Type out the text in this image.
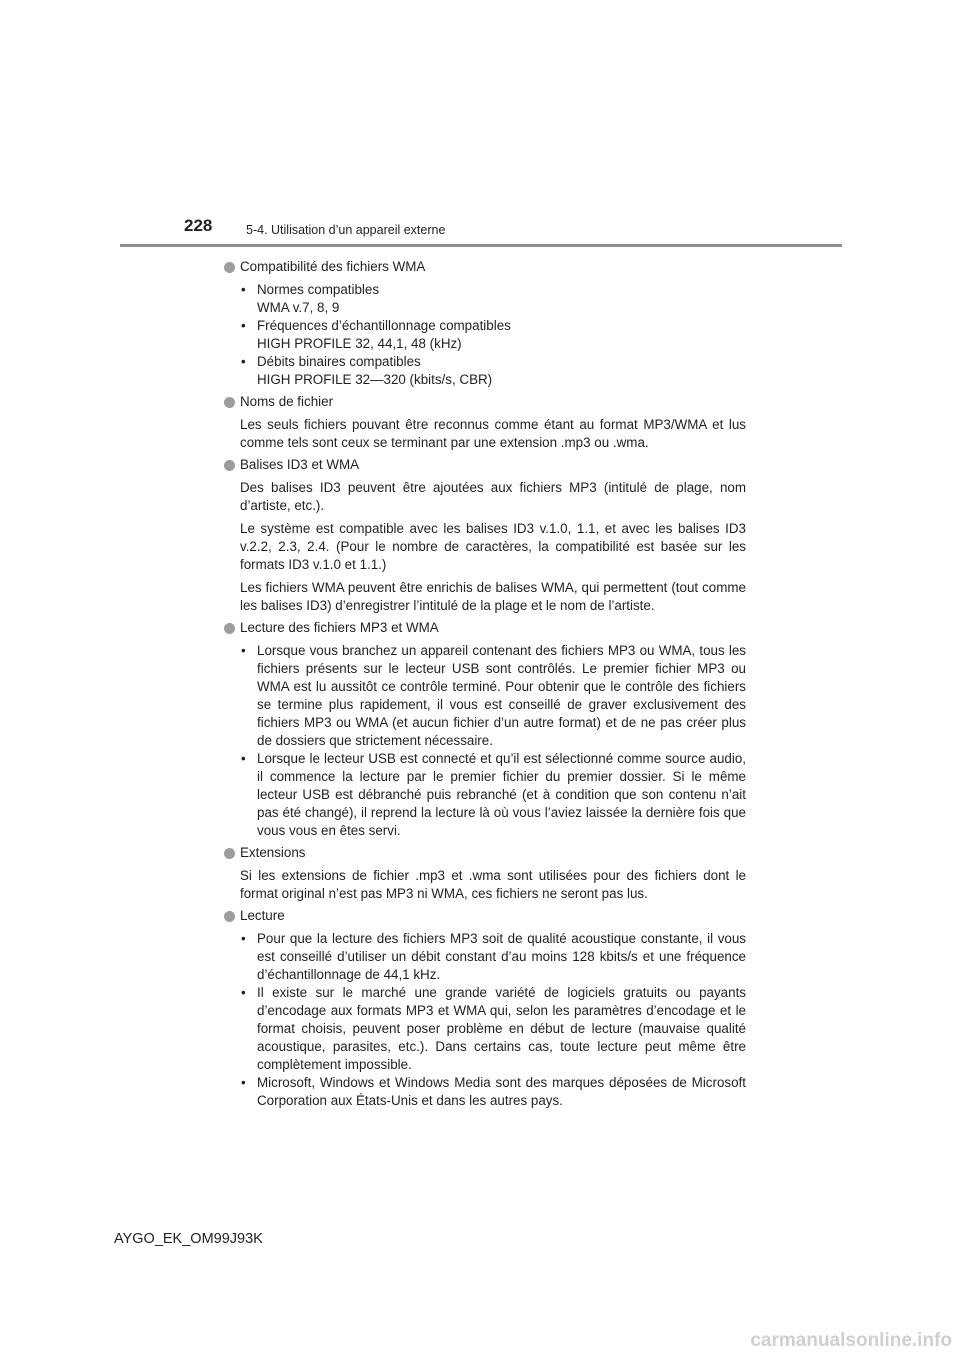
228	5-4. Utilisation d’un appareil externe
Compatibilité des fichiers WMA
• Normes compatibles
WMA v.7, 8, 9
• Fréquences d’échantillonnage compatibles
HIGH PROFILE 32, 44,1, 48 (kHz)
• Débits binaires compatibles
HIGH PROFILE 32—320 (kbits/s, CBR)
Noms de fichier

Les seuls fichiers pouvant être reconnus comme étant au format MP3/WMA et lus comme tels sont ceux se terminant par une extension .mp3 ou .wma.

Balises ID3 et WMA

Des balises ID3 peuvent être ajoutées aux fichiers MP3 (intitulé de plage, nom d’artiste, etc.).

Le système est compatible avec les balises ID3 v.1.0, 1.1, et avec les balises ID3 v.2.2, 2.3, 2.4. (Pour le nombre de caractères, la compatibilité est basée sur les formats ID3 v.1.0 et 1.1.)

Les fichiers WMA peuvent être enrichis de balises WMA, qui permettent (tout comme les balises ID3) d’enregistrer l’intitulé de la plage et le nom de l’artiste.

Lecture des fichiers MP3 et WMA
• Lorsque vous branchez un appareil contenant des fichiers MP3 ou WMA, tous les fichiers présents sur le lecteur USB sont contrôlés. Le premier fichier MP3 ou WMA est lu aussitôt ce contrôle terminé. Pour obtenir que le contrôle des fichiers se termine plus rapidement, il vous est conseillé de graver exclusivement des fichiers MP3 ou WMA (et aucun fichier d’un autre format) et de ne pas créer plus de dossiers que strictement nécessaire.
• Lorsque le lecteur USB est connecté et qu’il est sélectionné comme source audio, il commence la lecture par le premier fichier du premier dossier. Si le même lecteur USB est débranché puis rebranché (et à condition que son contenu n’ait pas été changé), il reprend la lecture là où vous l’aviez laissée la dernière fois que vous vous en êtes servi.
Extensions

Si les extensions de fichier .mp3 et .wma sont utilisées pour des fichiers dont le format original n’est pas MP3 ni WMA, ces fichiers ne seront pas lus.

Lecture
• Pour que la lecture des fichiers MP3 soit de qualité acoustique constante, il vous est conseillé d’utiliser un débit constant d’au moins 128 kbits/s et une fréquence d’échantillonnage de 44,1 kHz.
• Il existe sur le marché une grande variété de logiciels gratuits ou payants d’encodage aux formats MP3 et WMA qui, selon les paramètres d’encodage et le format choisis, peuvent poser problème en début de lecture (mauvaise qualité acoustique, parasites, etc.). Dans certains cas, toute lecture peut même être complètement impossible.
• Microsoft, Windows et Windows Media sont des marques déposées de Microsoft Corporation aux États-Unis et dans les autres pays.
AYGO_EK_OM99J93K
carmanualsonline.info
